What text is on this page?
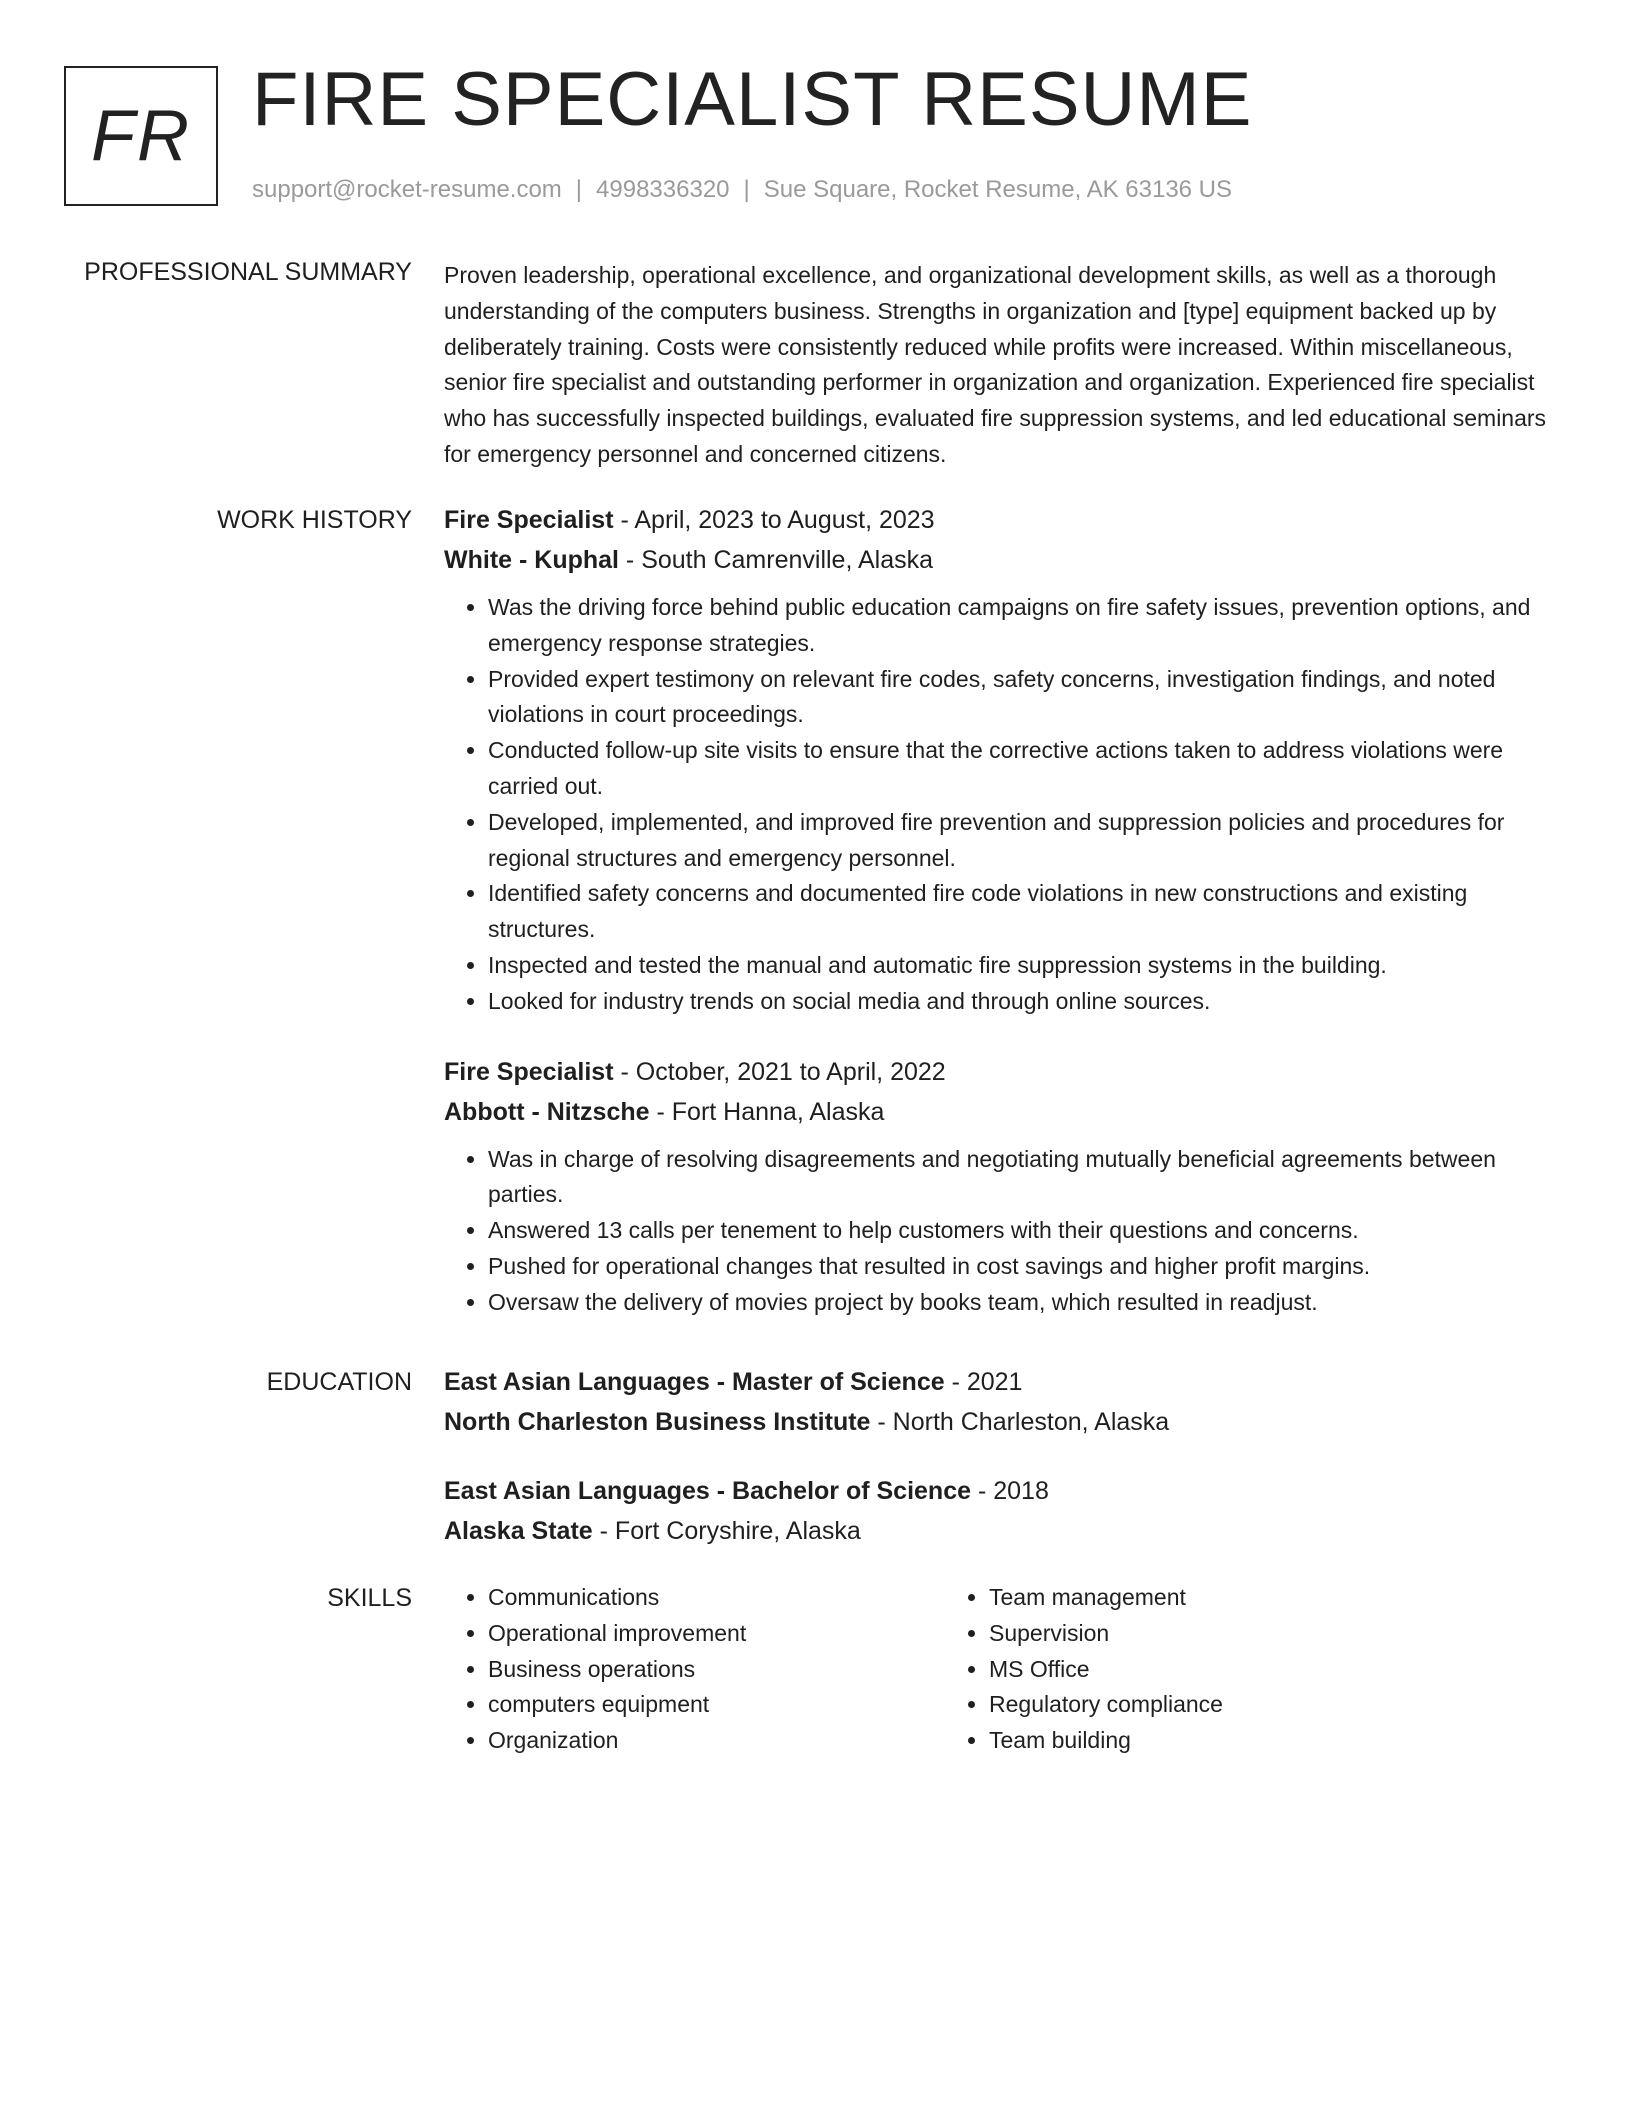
FR FIRE SPECIALIST RESUME
support@rocket-resume.com | 4998336320 | Sue Square, Rocket Resume, AK 63136 US
PROFESSIONAL SUMMARY Proven leadership, operational excellence, and organizational development skills, as well as a thorough understanding of the computers business. Strengths in organization and [type] equipment backed up by deliberately training. Costs were consistently reduced while profits were increased. Within miscellaneous, senior fire specialist and outstanding performer in organization and organization. Experienced fire specialist who has successfully inspected buildings, evaluated fire suppression systems, and led educational seminars for emergency personnel and concerned citizens.

WORK HISTORY Fire Specialist - April, 2023 to August, 2023
White - Kuphal - South Camrenville, Alaska
• Was the driving force behind public education campaigns on fire safety issues, prevention options, and emergency response strategies.
• Provided expert testimony on relevant fire codes, safety concerns, investigation findings, and noted violations in court proceedings.
• Conducted follow-up site visits to ensure that the corrective actions taken to address violations were carried out.
• Developed, implemented, and improved fire prevention and suppression policies and procedures for regional structures and emergency personnel.
• Identified safety concerns and documented fire code violations in new constructions and existing structures.
• Inspected and tested the manual and automatic fire suppression systems in the building.
• Looked for industry trends on social media and through online sources.
Fire Specialist - October, 2021 to April, 2022
Abbott - Nitzsche - Fort Hanna, Alaska
• Was in charge of resolving disagreements and negotiating mutually beneficial agreements between parties.
• Answered 13 calls per tenement to help customers with their questions and concerns.
• Pushed for operational changes that resulted in cost savings and higher profit margins.
• Oversaw the delivery of movies project by books team, which resulted in readjust.
EDUCATION East Asian Languages - Master of Science - 2021
North Charleston Business Institute - North Charleston, Alaska
East Asian Languages - Bachelor of Science - 2018
Alaska State - Fort Coryshire, Alaska
SKILLS
•	Communications
• Operational improvement
• Business operations
• computers equipment
• Organization
• Team management
• Supervision
• MS Office
• Regulatory compliance
• Team building
